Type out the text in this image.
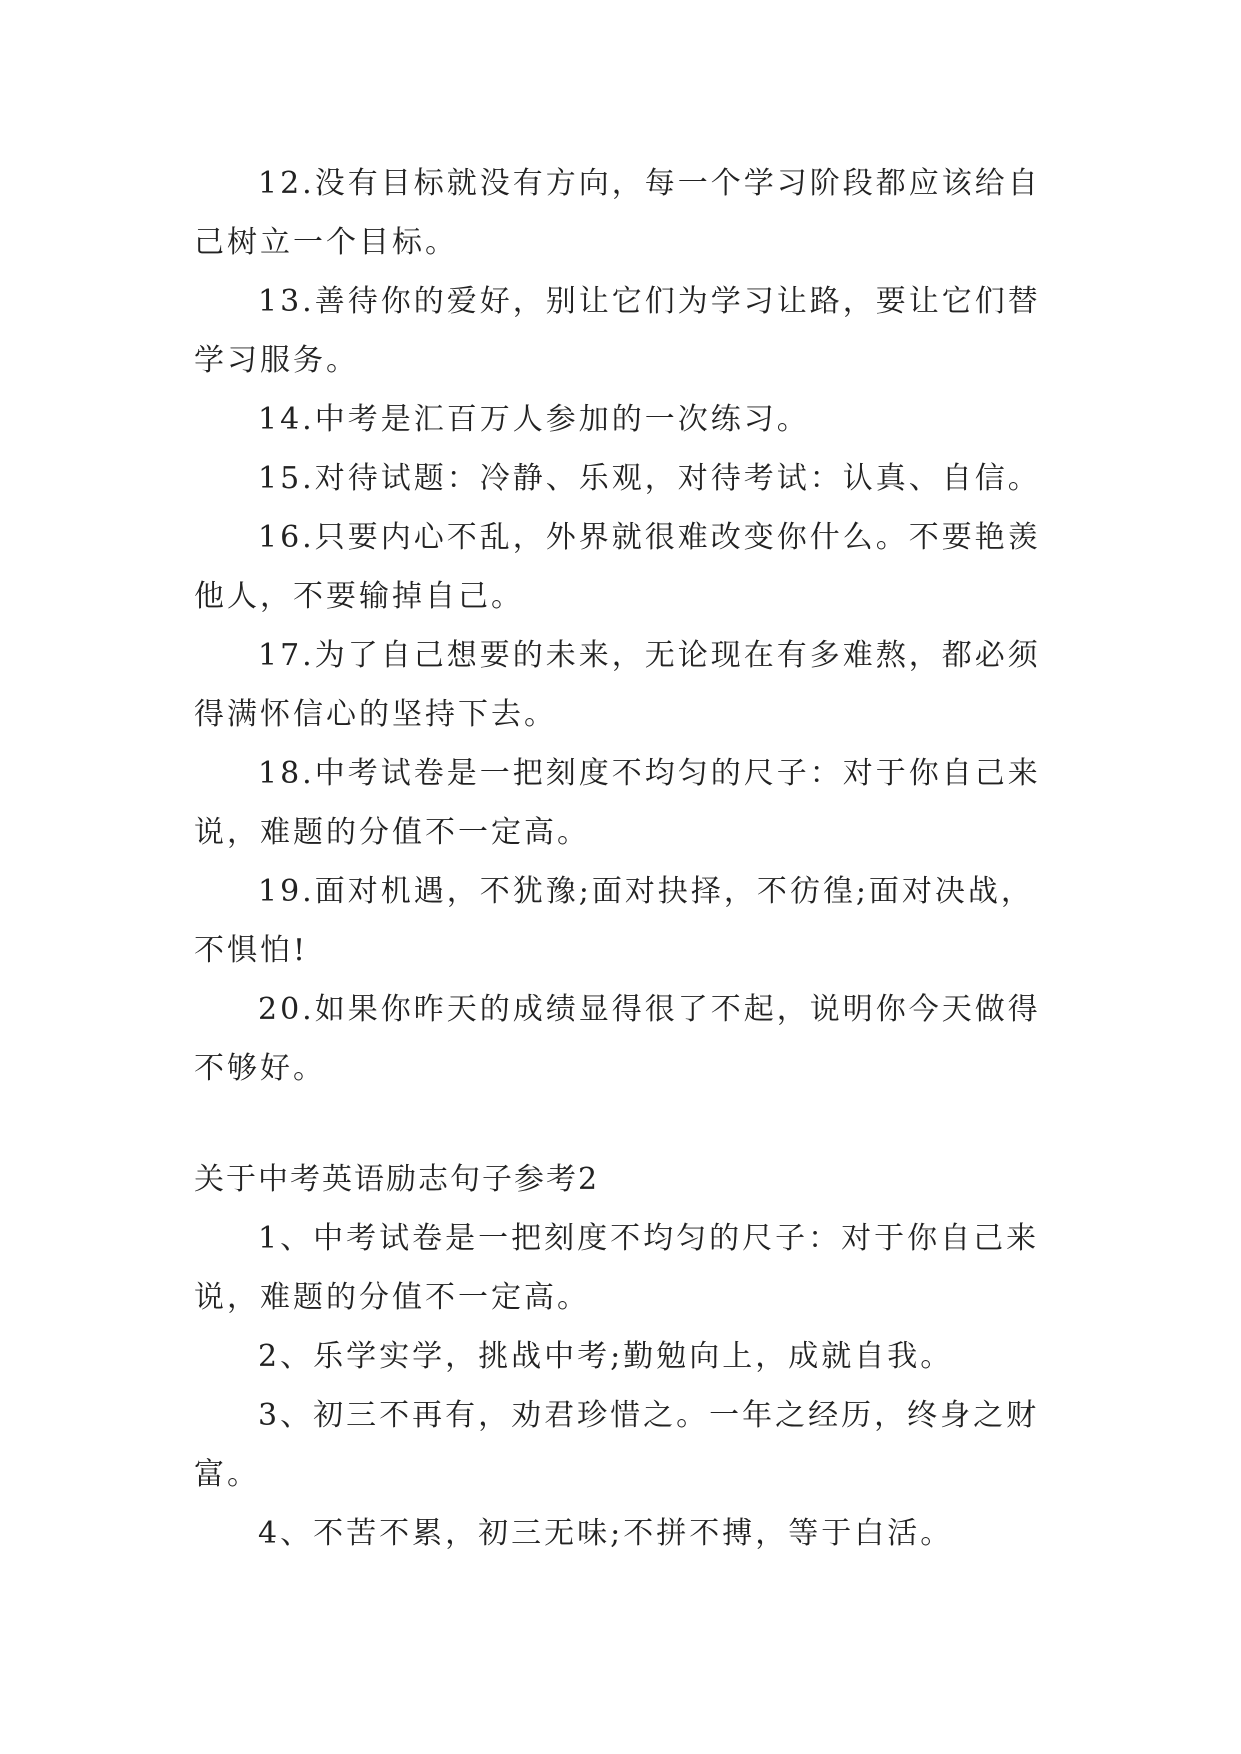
12.没有目标就没有方向，每一个学习阶段都应该给自己树立一个目标。

13.善待你的爱好，别让它们为学习让路，要让它们替学习服务。

14.中考是汇百万人参加的一次练习。

15.对待试题：冷静、乐观，对待考试：认真、自信。

16.只要内心不乱，外界就很难改变你什么。不要艳羡他人，不要输掉自己。

17.为了自己想要的未来，无论现在有多难熬，都必须得满怀信心的坚持下去。

18.中考试卷是一把刻度不均匀的尺子：对于你自己来说，难题的分值不一定高。

19.面对机遇，不犹豫;面对抉择，不彷徨;面对决战，不惧怕!

20.如果你昨天的成绩显得很了不起，说明你今天做得不够好。

关于中考英语励志句子参考2

1、中考试卷是一把刻度不均匀的尺子：对于你自己来说，难题的分值不一定高。

2、乐学实学，挑战中考;勤勉向上，成就自我。

3、初三不再有，劝君珍惜之。一年之经历，终身之财富。

4、不苦不累，初三无味;不拼不搏，等于白活。
